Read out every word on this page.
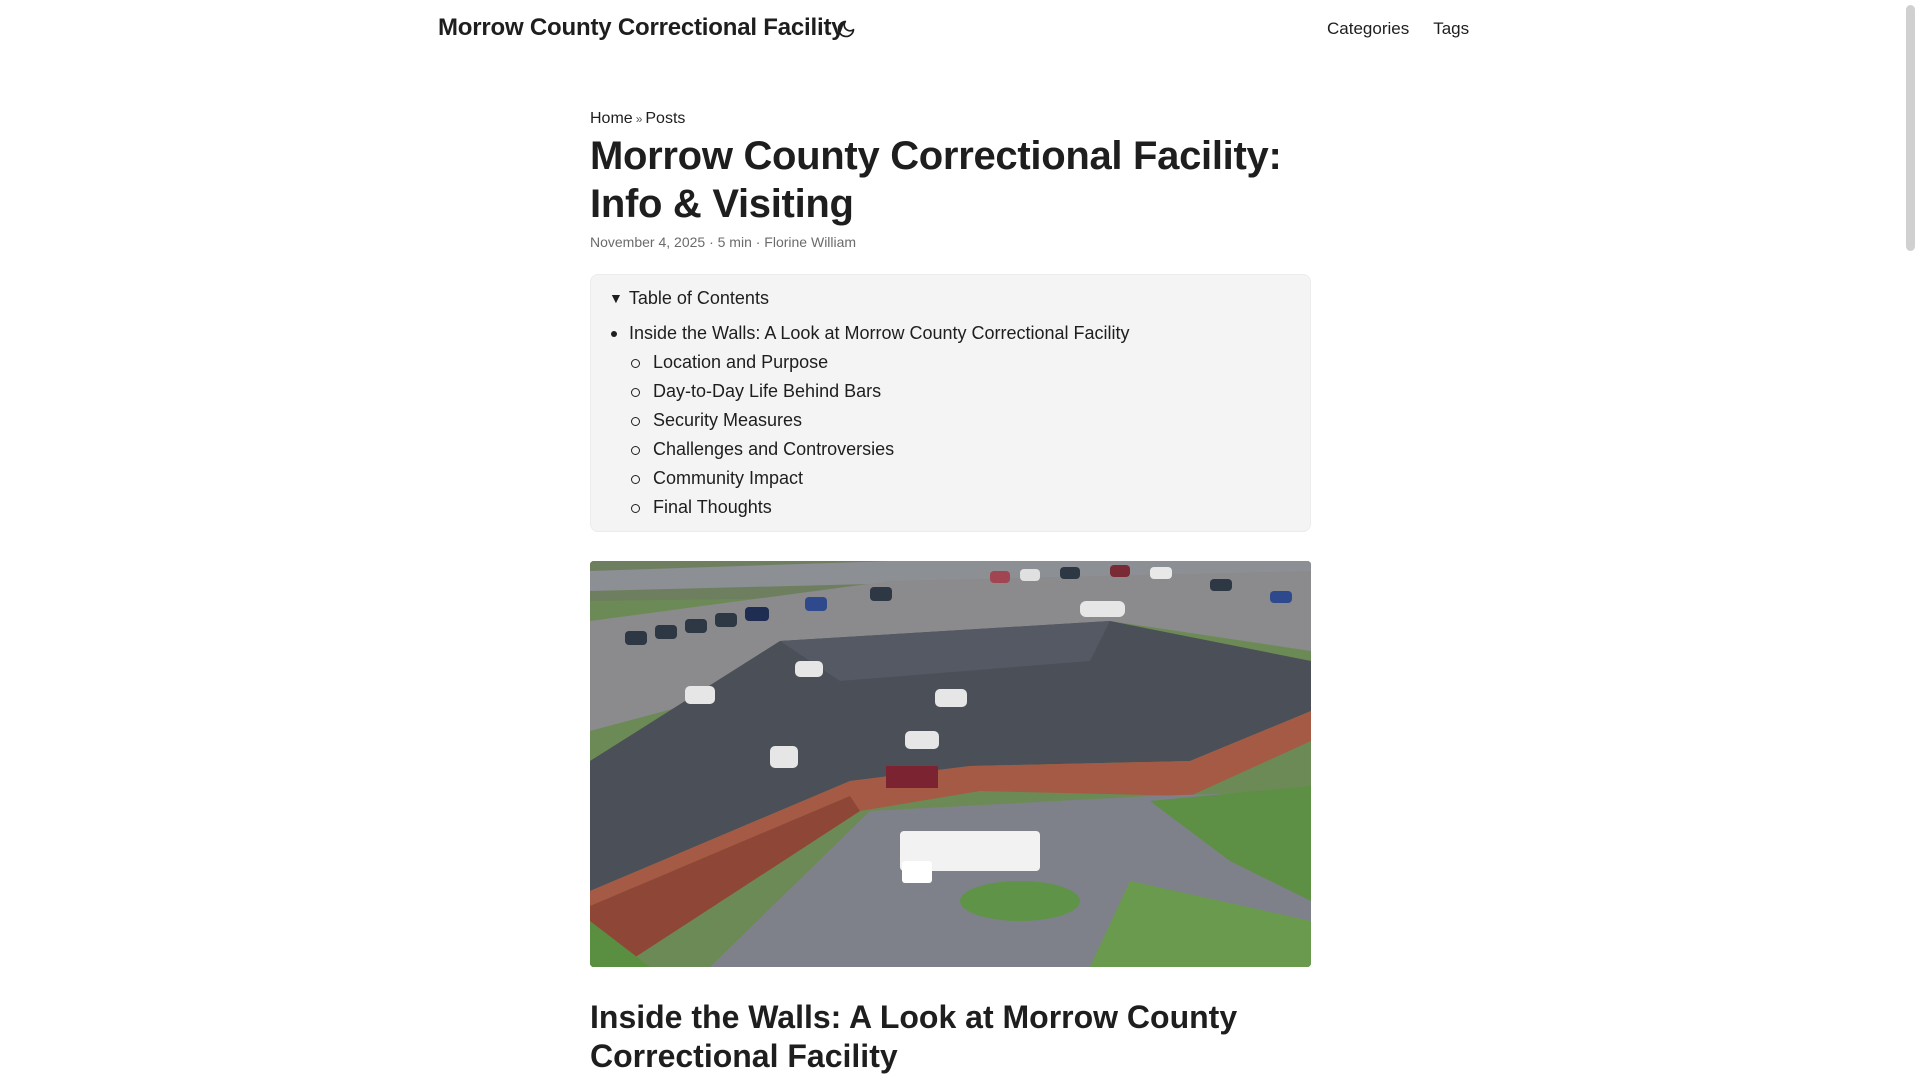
Morrow County Correctional Facility	Categories Tags
Home » Posts
Morrow County Correctional Facility: Info & Visiting
November 4, 2025 · 5 min · Florine William
▼ Table of Contents
Inside the Walls: A Look at Morrow County Correctional Facility
Location and Purpose
Day-to-Day Life Behind Bars
Security Measures
Challenges and Controversies
Community Impact
Final Thoughts
Inside the Walls: A Look at Morrow County Correctional Facility
